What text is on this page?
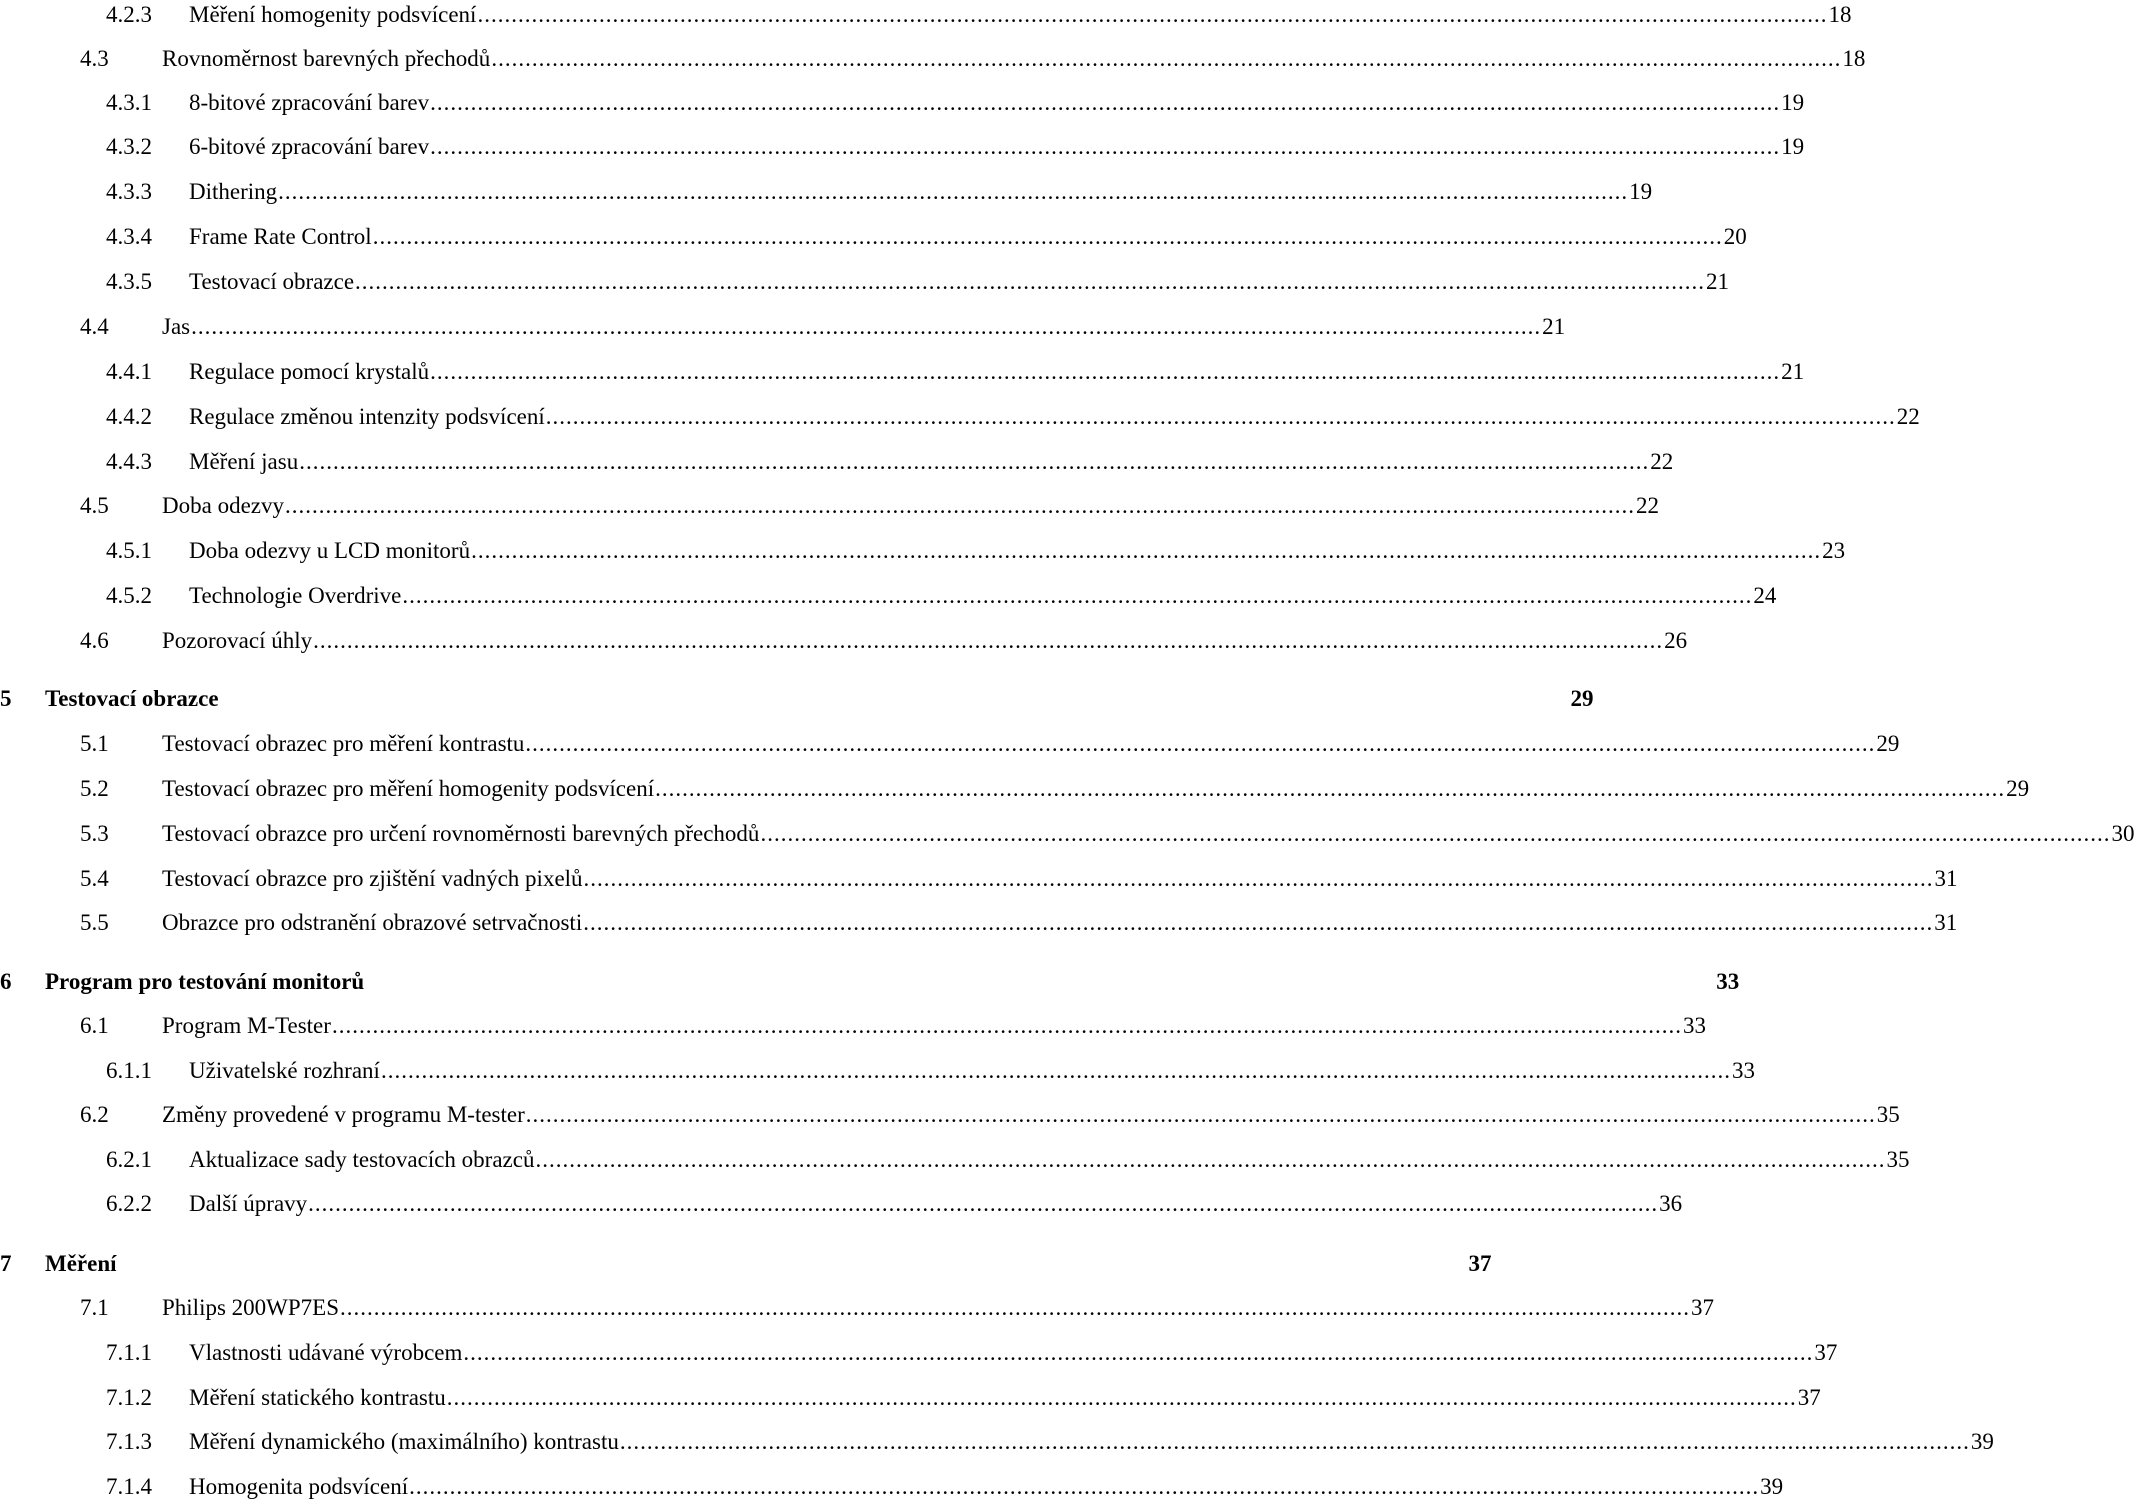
4.2.3 Měření homogenity podsvícení ........................................................................................................................................................................................................ 18
4.3 Rovnoměrnost barevných přechodů ........................................................................................................................................................................................................ 18
4.3.1 8-bitové zpracování barev ........................................................................................................................................................................................................ 19
4.3.2 6-bitové zpracování barev ........................................................................................................................................................................................................ 19
4.3.3 Dithering ........................................................................................................................................................................................................ 19
4.3.4 Frame Rate Control ........................................................................................................................................................................................................ 20
4.3.5 Testovací obrazce ........................................................................................................................................................................................................ 21
4.4 Jas ........................................................................................................................................................................................................ 21
4.4.1 Regulace pomocí krystalů ........................................................................................................................................................................................................ 21
4.4.2 Regulace změnou intenzity podsvícení ........................................................................................................................................................................................................ 22
4.4.3 Měření jasu ........................................................................................................................................................................................................ 22
4.5 Doba odezvy ........................................................................................................................................................................................................ 22
4.5.1 Doba odezvy u LCD monitorů ........................................................................................................................................................................................................ 23
4.5.2 Technologie Overdrive ........................................................................................................................................................................................................ 24
4.6 Pozorovací úhly ........................................................................................................................................................................................................ 26
5 Testovací obrazce	29
5.1 Testovací obrazec pro měření kontrastu ........................................................................................................................................................................................................ 29
5.2 Testovací obrazec pro měření homogenity podsvícení ........................................................................................................................................................................................................ 29
5.3 Testovací obrazce pro určení rovnoměrnosti barevných přechodů ........................................................................................................................................................................................................ 30
5.4 Testovací obrazce pro zjištění vadných pixelů ........................................................................................................................................................................................................ 31
5.5 Obrazce pro odstranění obrazové setrvačnosti ........................................................................................................................................................................................................ 31
6 Program pro testování monitorů	33
6.1 Program M-Tester ........................................................................................................................................................................................................ 33
6.1.1 Uživatelské rozhraní ........................................................................................................................................................................................................ 33
6.2 Změny provedené v programu M-tester ........................................................................................................................................................................................................ 35
6.2.1 Aktualizace sady testovacích obrazců ........................................................................................................................................................................................................ 35
6.2.2 Další úpravy ........................................................................................................................................................................................................ 36
7 Měření	37
7.1 Philips 200WP7ES ........................................................................................................................................................................................................ 37
7.1.1 Vlastnosti udávané výrobcem ........................................................................................................................................................................................................ 37
7.1.2 Měření statického kontrastu ........................................................................................................................................................................................................ 37
7.1.3 Měření dynamického (maximálního) kontrastu ........................................................................................................................................................................................................ 39
7.1.4 Homogenita podsvícení ........................................................................................................................................................................................................ 39
